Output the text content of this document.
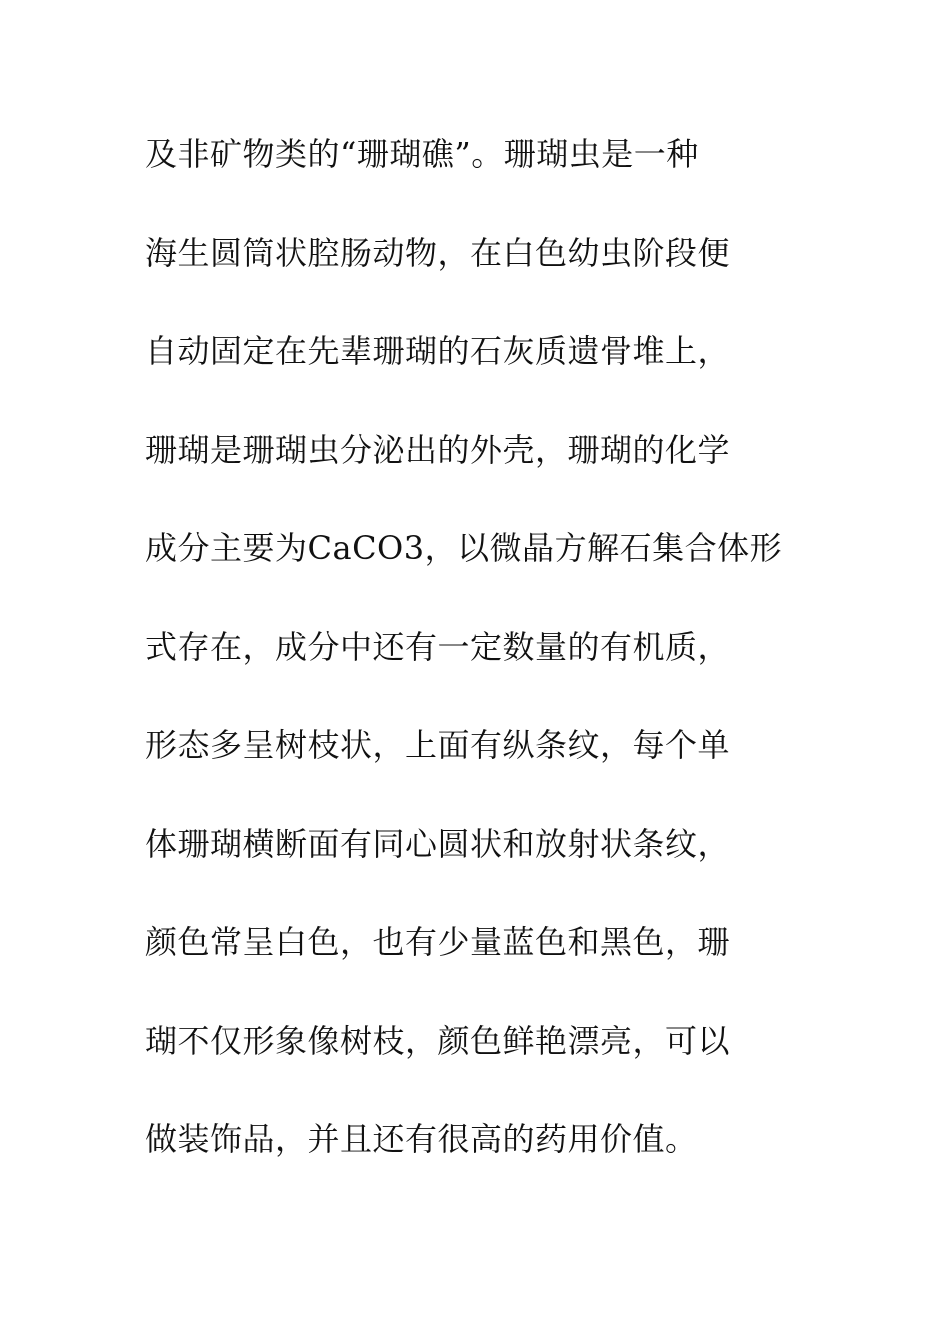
及非矿物类的“珊瑚礁”。珊瑚虫是一种
海生圆筒状腔肠动物，在白色幼虫阶段便
自动固定在先辈珊瑚的石灰质遗骨堆上，
珊瑚是珊瑚虫分泌出的外壳，珊瑚的化学
成分主要为CaCO3，以微晶方解石集合体形
式存在，成分中还有一定数量的有机质，
形态多呈树枝状，上面有纵条纹，每个单
体珊瑚横断面有同心圆状和放射状条纹，
颜色常呈白色，也有少量蓝色和黑色，珊
瑚不仅形象像树枝，颜色鲜艳漂亮，可以
做装饰品，并且还有很高的药用价值。
